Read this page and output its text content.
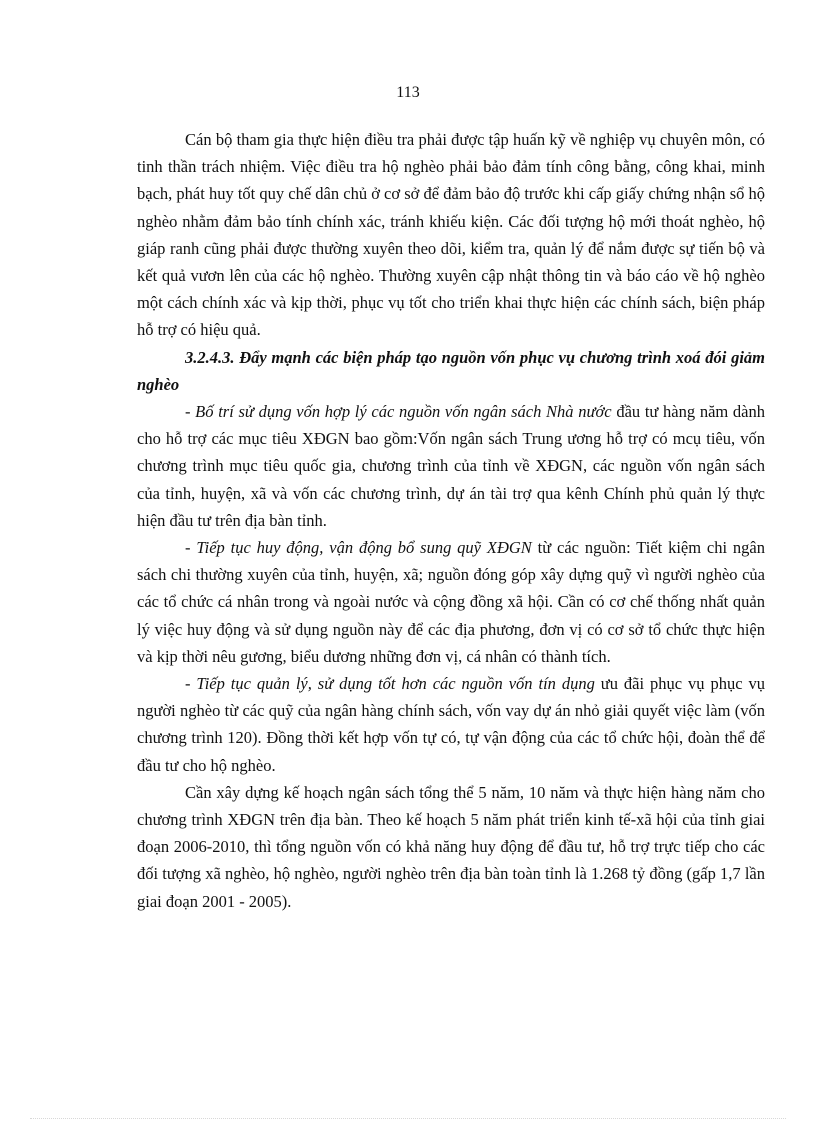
113

Cán bộ tham gia thực hiện điều tra phải được tập huấn kỹ về nghiệp vụ chuyên môn, có tinh thần trách nhiệm. Việc điều tra hộ nghèo phải bảo đảm tính công bằng, công khai, minh bạch, phát huy tốt quy chế dân chủ ở cơ sở để đảm bảo độ trước khi cấp giấy chứng nhận sổ hộ nghèo nhằm đảm bảo tính chính xác, tránh khiếu kiện. Các đối tượng hộ mới thoát nghèo, hộ giáp ranh cũng phải được thường xuyên theo dõi, kiểm tra, quản lý để nắm được sự tiến bộ và kết quả vươn lên của các hộ nghèo. Thường xuyên cập nhật thông tin và báo cáo về hộ nghèo một cách chính xác và kịp thời, phục vụ tốt cho triển khai thực hiện các chính sách, biện pháp hỗ trợ có hiệu quả.

3.2.4.3. Đẩy mạnh các biện pháp tạo nguồn vốn phục vụ chương trình xoá đói giảm nghèo

- Bố trí sử dụng vốn hợp lý các nguồn vốn ngân sách Nhà nước đầu tư hàng năm dành cho hỗ trợ các mục tiêu XĐGN bao gồm:Vốn ngân sách Trung ương hỗ trợ có mcụ tiêu, vốn chương trình mục tiêu quốc gia, chương trình của tỉnh về XĐGN, các nguồn vốn ngân sách của tỉnh, huyện, xã và vốn các chương trình, dự án tài trợ qua kênh Chính phủ quản lý thực hiện đầu tư trên địa bàn tỉnh.

- Tiếp tục huy động, vận động bổ sung quỹ XĐGN từ các nguồn: Tiết kiệm chi ngân sách chi thường xuyên của tỉnh, huyện, xã; nguồn đóng góp xây dựng quỹ vì người nghèo của các tổ chức cá nhân trong và ngoài nước và cộng đồng xã hội. Cần có cơ chế thống nhất quản lý việc huy động và sử dụng nguồn này để các địa phương, đơn vị có cơ sở tổ chức thực hiện và kịp thời nêu gương, biểu dương những đơn vị, cá nhân có thành tích.

- Tiếp tục quản lý, sử dụng tốt hơn các nguồn vốn tín dụng ưu đãi phục vụ phục vụ người nghèo từ các quỹ của ngân hàng chính sách, vốn vay dự án nhỏ giải quyết việc làm (vốn chương trình 120). Đồng thời kết hợp vốn tự có, tự vận động của các tổ chức hội, đoàn thể để đầu tư cho hộ nghèo.

Cần xây dựng kế hoạch ngân sách tổng thể 5 năm, 10 năm và thực hiện hàng năm cho chương trình XĐGN trên địa bàn. Theo kế hoạch 5 năm phát triển kinh tế-xã hội của tỉnh giai đoạn 2006-2010, thì tổng nguồn vốn có khả năng huy động để đầu tư, hỗ trợ trực tiếp cho các đối tượng xã nghèo, hộ nghèo, người nghèo trên địa bàn toàn tỉnh là 1.268 tỷ đồng (gấp 1,7 lần giai đoạn 2001 - 2005).
